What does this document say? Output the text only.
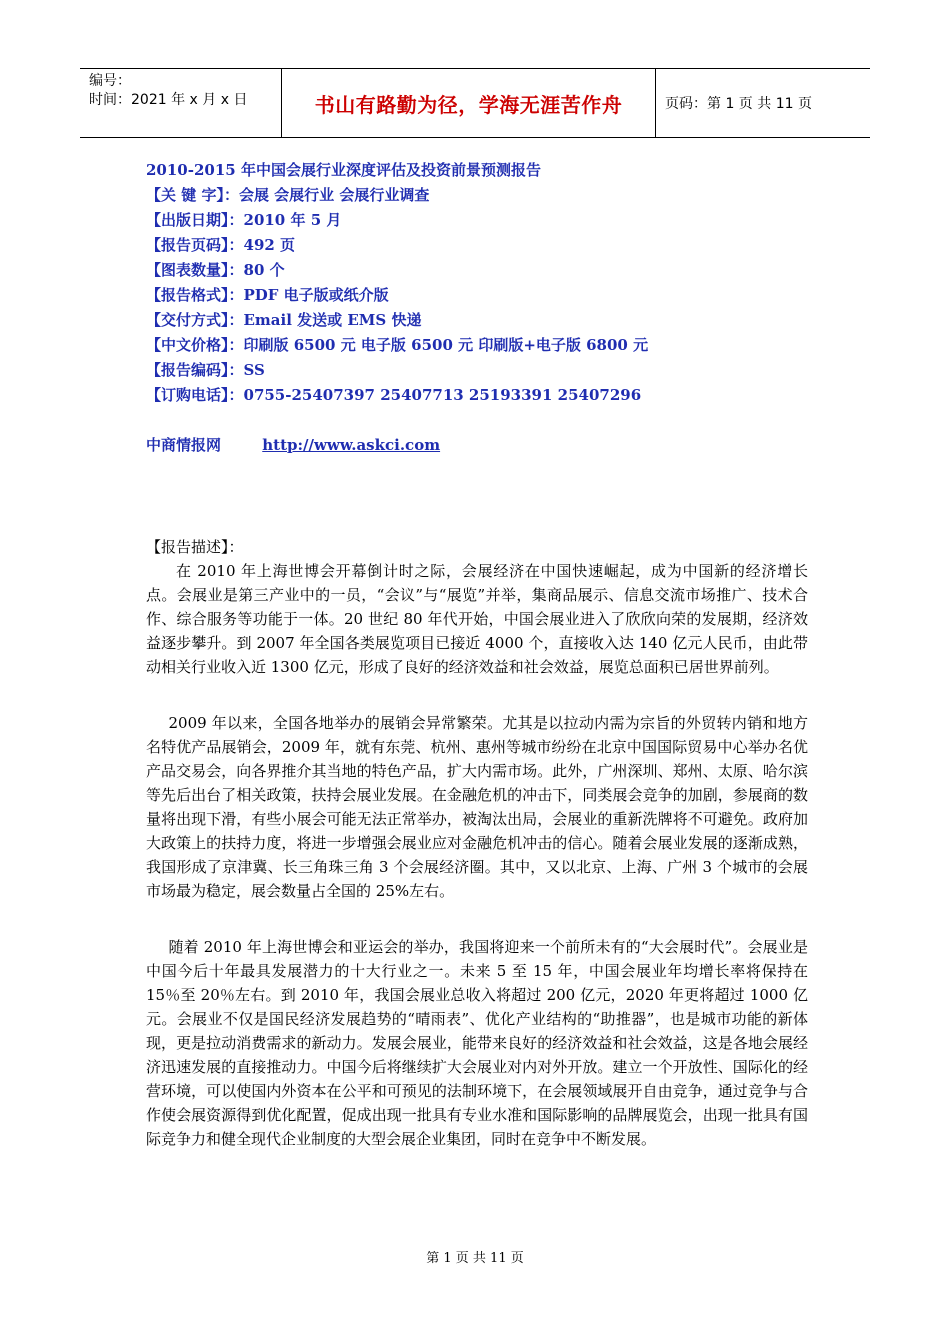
编号：
时间：2021 年 x 月 x 日	书山有路勤为径，学海无涯苦作舟	页码：第 1 页 共 11 页
2010-2015 年中国会展行业深度评估及投资前景预测报告
【关 键 字】：会展 会展行业 会展行业调查
【出版日期】：2010 年 5 月
【报告页码】：492 页
【图表数量】：80 个
【报告格式】：PDF 电子版或纸介版
【交付方式】：Email 发送或 EMS 快递
【中文价格】：印刷版 6500 元 电子版 6500 元 印刷版+电子版 6800 元
【报告编码】：SS
【订购电话】：0755-25407397 25407713 25193391 25407296
中商情报网	http://www.askci.com

【报告描述】：

在 2010 年上海世博会开幕倒计时之际，会展经济在中国快速崛起，成为中国新的经济增长点。会展业是第三产业中的一员，“会议”与“展览”并举，集商品展示、信息交流市场推广、技术合作、综合服务等功能于一体。20 世纪 80 年代开始，中国会展业进入了欣欣向荣的发展期，经济效益逐步攀升。到 2007 年全国各类展览项目已接近 4000 个，直接收入达 140 亿元人民币，由此带动相关行业收入近 1300 亿元，形成了良好的经济效益和社会效益，展览总面积已居世界前列。

2009 年以来，全国各地举办的展销会异常繁荣。尤其是以拉动内需为宗旨的外贸转内销和地方名特优产品展销会，2009 年，就有东莞、杭州、惠州等城市纷纷在北京中国国际贸易中心举办名优产品交易会，向各界推介其当地的特色产品，扩大内需市场。此外，广州深圳、郑州、太原、哈尔滨等先后出台了相关政策，扶持会展业发展。在金融危机的冲击下，同类展会竞争的加剧，参展商的数量将出现下滑，有些小展会可能无法正常举办，被淘汰出局，会展业的重新洗牌将不可避免。政府加大政策上的扶持力度，将进一步增强会展业应对金融危机冲击的信心。随着会展业发展的逐渐成熟，我国形成了京津冀、长三角珠三角 3 个会展经济圈。其中，又以北京、上海、广州 3 个城市的会展市场最为稳定，展会数量占全国的 25%左右。

随着 2010 年上海世博会和亚运会的举办，我国将迎来一个前所未有的“大会展时代”。会展业是中国今后十年最具发展潜力的十大行业之一。未来 5 至 15 年，中国会展业年均增长率将保持在 15％至 20％左右。到 2010 年，我国会展业总收入将超过 200 亿元，2020 年更将超过 1000 亿元。会展业不仅是国民经济发展趋势的“晴雨表”、优化产业结构的“助推器”，也是城市功能的新体现，更是拉动消费需求的新动力。发展会展业，能带来良好的经济效益和社会效益，这是各地会展经济迅速发展的直接推动力。中国今后将继续扩大会展业对内对外开放。建立一个开放性、国际化的经营环境，可以使国内外资本在公平和可预见的法制环境下，在会展领域展开自由竞争，通过竞争与合作使会展资源得到优化配置，促成出现一批具有专业水准和国际影响的品牌展览会，出现一批具有国际竞争力和健全现代企业制度的大型会展企业集团，同时在竞争中不断发展。

第 1 页 共 11 页
